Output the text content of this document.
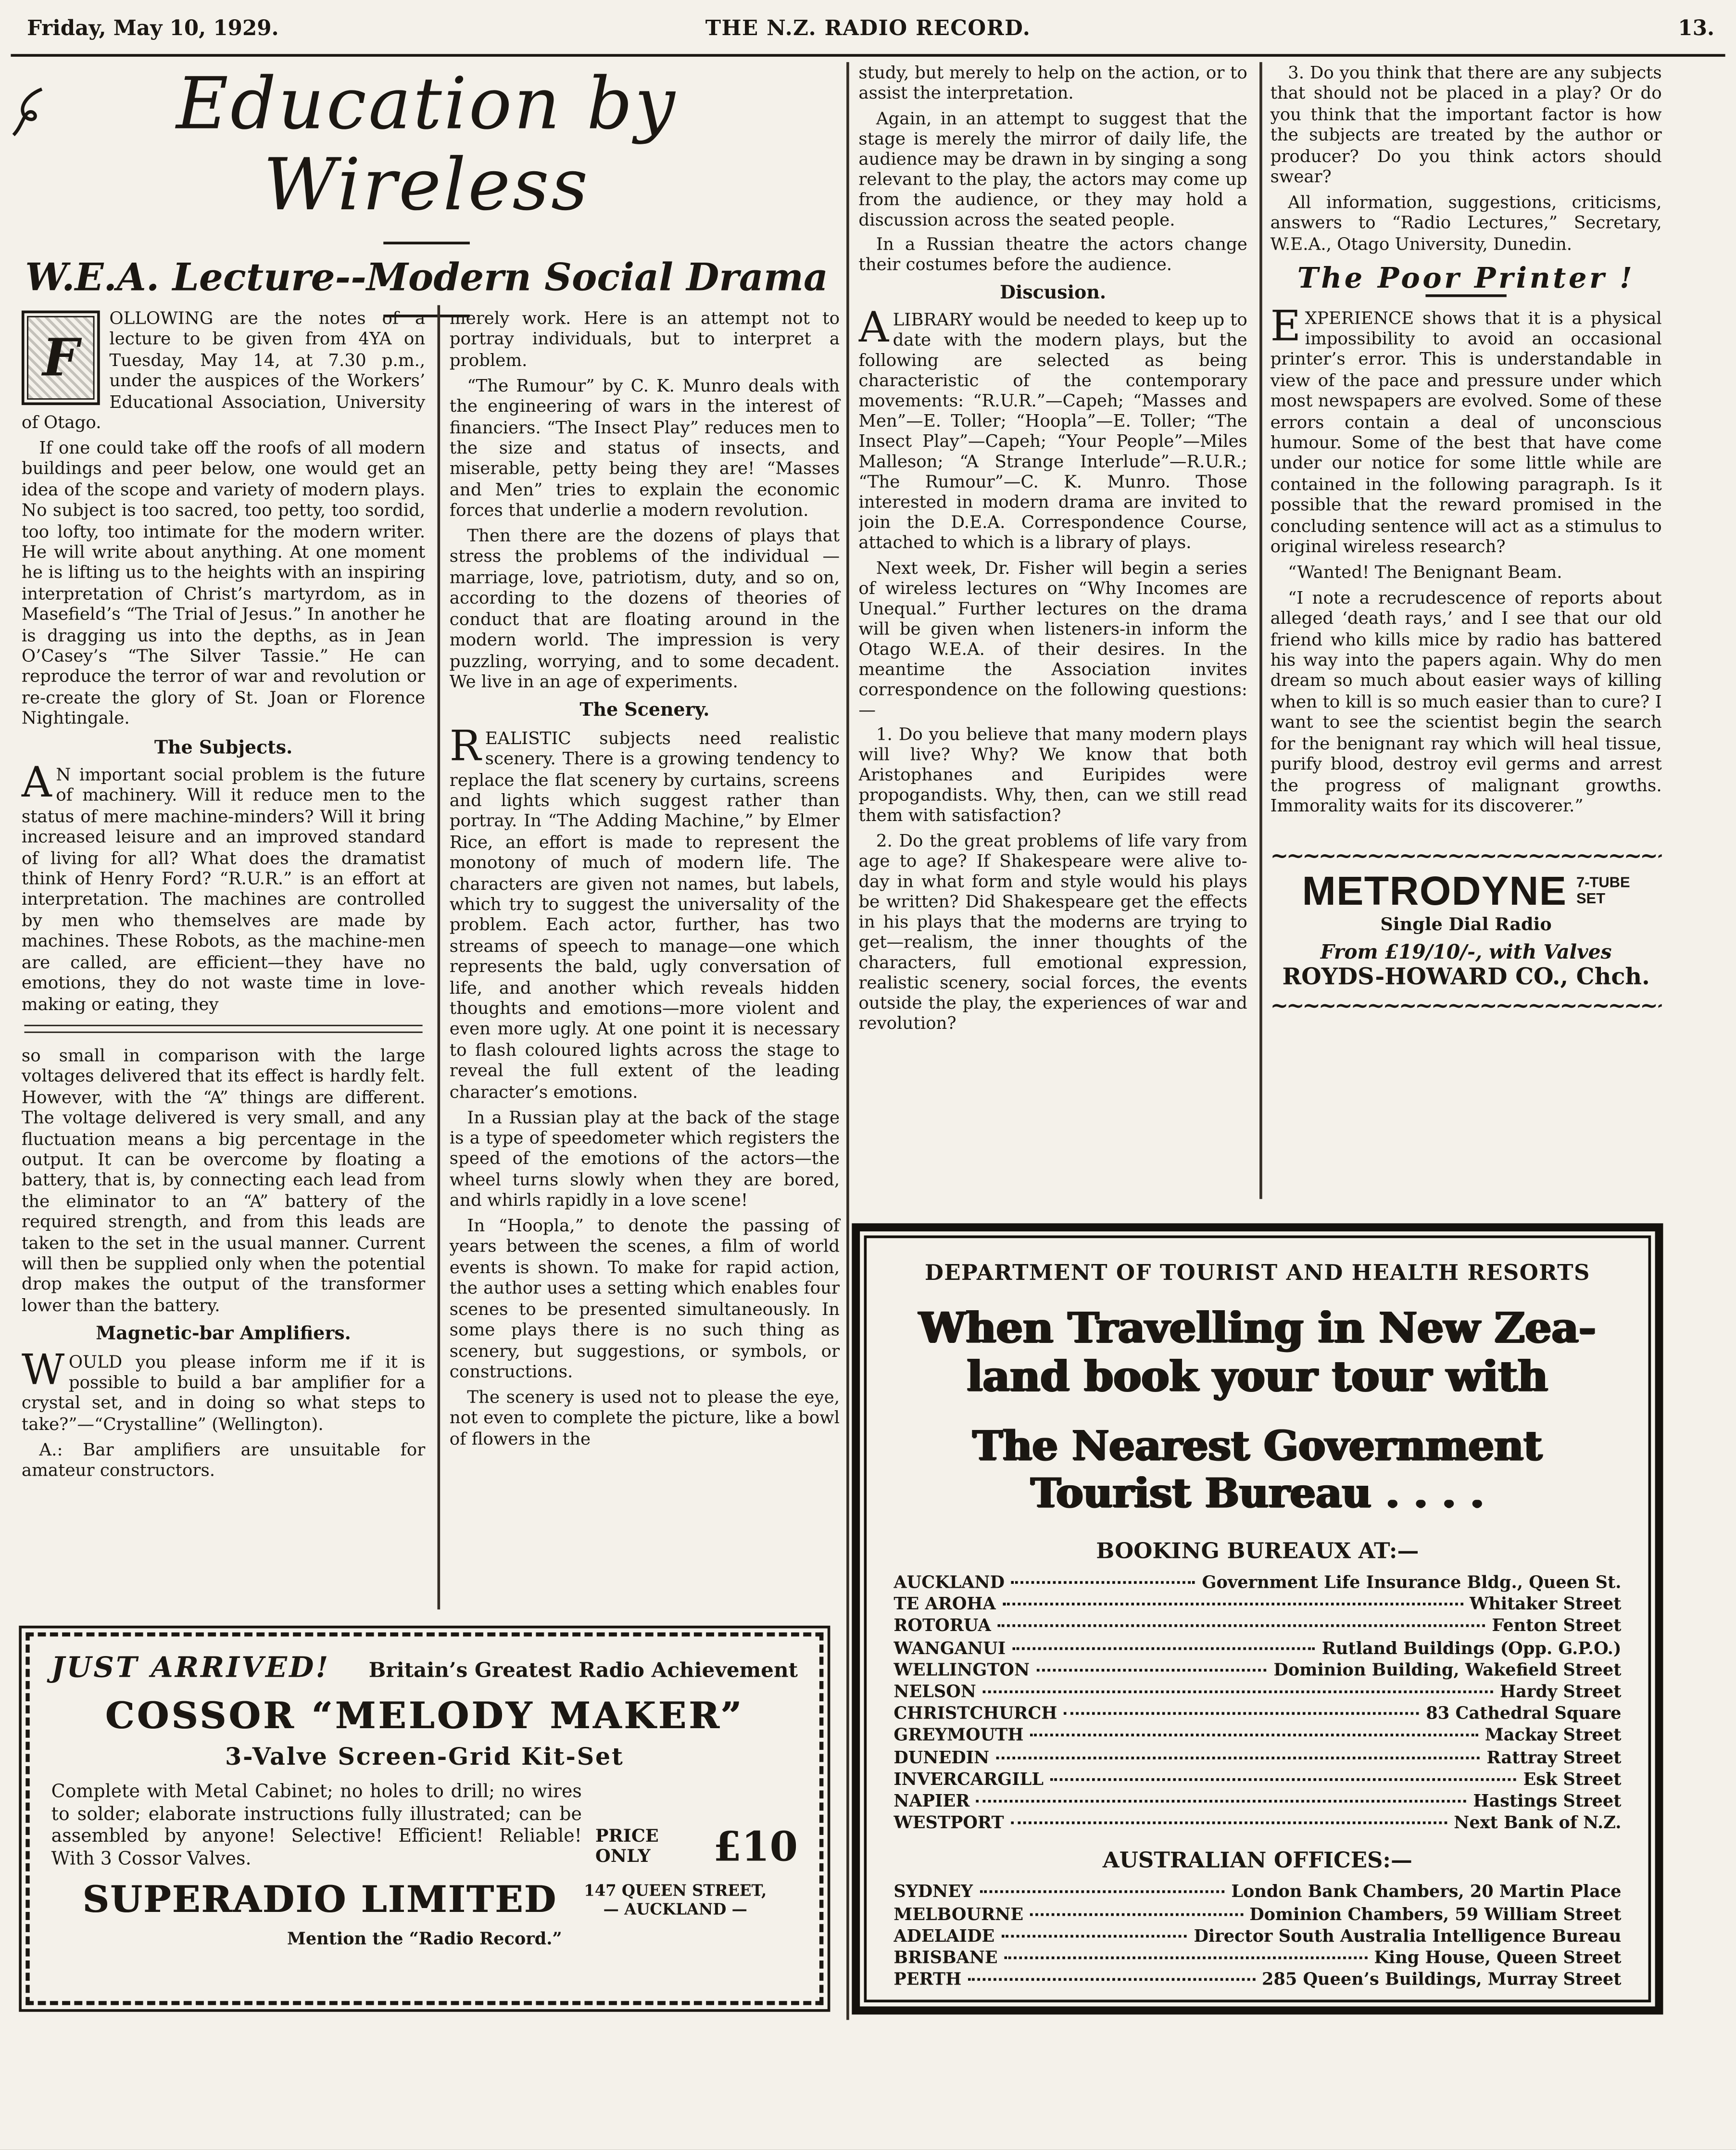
Friday, May 10, 1929.	THE N.Z. RADIO RECORD.	13.
Education by Wireless
W.E.A. Lecture--Modern Social Drama

F
OLLOWING are the notes of a lecture to be given from 4YA on Tuesday, May 14, at 7.30 p.m., under the auspices of the Workers’ Educational Association, University of Otago.

If one could take off the roofs of all modern buildings and peer below, one would get an idea of the scope and variety of modern plays. No subject is too sacred, too petty, too sordid, too lofty, too intimate for the modern writer. He will write about anything. At one moment he is lifting us to the heights with an inspiring interpretation of Christ’s martyrdom, as in Masefield’s “The Trial of Jesus.” In another he is dragging us into the depths, as in Jean O’Casey’s “The Silver Tassie.” He can reproduce the terror of war and revolution or re-create the glory of St. Joan or Florence Nightingale.

The Subjects.

A N important social problem is the future of machinery. Will it reduce men to the status of mere machine-minders? Will it bring increased leisure and an improved standard of living for all? What does the dramatist think of Henry Ford? “R.U.R.” is an effort at interpretation. The machines are controlled by men who themselves are made by machines. These Robots, as the machine-men are called, are efficient—they have no emotions, they do not waste time in love-making or eating, they

so small in comparison with the large voltages delivered that its effect is hardly felt. However, with the “A” things are different. The voltage delivered is very small, and any fluctuation means a big percentage in the output. It can be overcome by floating a battery, that is, by connecting each lead from the eliminator to an “A” battery of the required strength, and from this leads are taken to the set in the usual manner. Current will then be supplied only when the potential drop makes the output of the transformer lower than the battery.

Magnetic-bar Amplifiers.

W OULD you please inform me if it is possible to build a bar amplifier for a crystal set, and in doing so what steps to take?”—“Crystalline” (Wellington).

A.: Bar amplifiers are unsuitable for amateur constructors.

merely work. Here is an attempt not to portray individuals, but to interpret a problem.

“The Rumour” by C. K. Munro deals with the engineering of wars in the interest of financiers. “The Insect Play” reduces men to the size and status of insects, and miserable, petty being they are! “Masses and Men” tries to explain the economic forces that underlie a modern revolution.

Then there are the dozens of plays that stress the problems of the individual — marriage, love, patriotism, duty, and so on, according to the dozens of theories of conduct that are floating around in the modern world. The impression is very puzzling, worrying, and to some decadent. We live in an age of experiments.

The Scenery.

R EALISTIC subjects need realistic scenery. There is a growing tendency to replace the flat scenery by curtains, screens and lights which suggest rather than portray. In “The Adding Machine,” by Elmer Rice, an effort is made to represent the monotony of much of modern life. The characters are given not names, but labels, which try to suggest the universality of the problem. Each actor, further, has two streams of speech to manage—one which represents the bald, ugly conversation of life, and another which reveals hidden thoughts and emotions—more violent and even more ugly. At one point it is necessary to flash coloured lights across the stage to reveal the full extent of the leading character’s emotions.

In a Russian play at the back of the stage is a type of speedometer which registers the speed of the emotions of the actors—the wheel turns slowly when they are bored, and whirls rapidly in a love scene!

In “Hoopla,” to denote the passing of years between the scenes, a film of world events is shown. To make for rapid action, the author uses a setting which enables four scenes to be presented simultaneously. In some plays there is no such thing as scenery, but suggestions, or symbols, or constructions.

The scenery is used not to please the eye, not even to complete the picture, like a bowl of flowers in the

study, but merely to help on the action, or to assist the interpretation.

Again, in an attempt to suggest that the stage is merely the mirror of daily life, the audience may be drawn in by singing a song relevant to the play, the actors may come up from the audience, or they may hold a discussion across the seated people.

In a Russian theatre the actors change their costumes before the audience.

Discusion.

A LIBRARY would be needed to keep up to date with the modern plays, but the following are selected as being characteristic of the contemporary movements: “R.U.R.”—Capeh; “Masses and Men”—E. Toller; “Hoopla”—E. Toller; “The Insect Play”—Capeh; “Your People”—Miles Malleson; “A Strange Interlude”—R.U.R.; “The Rumour”—C. K. Munro. Those interested in modern drama are invited to join the D.E.A. Correspondence Course, attached to which is a library of plays.

Next week, Dr. Fisher will begin a series of wireless lectures on “Why Incomes are Unequal.” Further lectures on the drama will be given when listeners-in inform the Otago W.E.A. of their desires. In the meantime the Association invites correspondence on the following questions:—

1. Do you believe that many modern plays will live? Why? We know that both Aristophanes and Euripides were propogandists. Why, then, can we still read them with satisfaction?

2. Do the great problems of life vary from age to age? If Shakespeare were alive to-day in what form and style would his plays be written? Did Shakespeare get the effects in his plays that the moderns are trying to get—realism, the inner thoughts of the characters, full emotional expression, realistic scenery, social forces, the events outside the play, the experiences of war and revolution?

3. Do you think that there are any subjects that should not be placed in a play? Or do you think that the important factor is how the subjects are treated by the author or producer? Do you think actors should swear?

All information, suggestions, criticisms, answers to “Radio Lectures,” Secretary, W.E.A., Otago University, Dunedin.

The Poor Printer !

E XPERIENCE shows that it is a physical impossibility to avoid an occasional printer’s error. This is understandable in view of the pace and pressure under which most newspapers are evolved. Some of these errors contain a deal of unconscious humour. Some of the best that have come under our notice for some little while are contained in the following paragraph. Is it possible that the reward promised in the concluding sentence will act as a stimulus to original wireless research?

“Wanted! The Benignant Beam.

“I note a recrudescence of reports about alleged ‘death rays,’ and I see that our old friend who kills mice by radio has battered his way into the papers again. Why do men dream so much about easier ways of killing when to kill is so much easier than to cure? I want to see the scientist begin the search for the benignant ray which will heal tissue, purify blood, destroy evil germs and arrest the progress of malignant growths. Immorality waits for its discoverer.”

~~~~~
METRODYNE 7-TUBE
SET
Single Dial Radio
From £19/10/-, with Valves
ROYDS-HOWARD CO., Chch.
~~~~~
JUST ARRIVED!	Britain’s Greatest Radio Achievement
COSSOR “MELODY MAKER”
3-Valve Screen-Grid Kit-Set
Complete with Metal Cabinet; no holes to drill; no wires to solder; elaborate instructions fully illustrated; can be assembled by anyone! Selective! Efficient! Reliable! With 3 Cossor Valves.
PRICE ONLY	£10
SUPERADIO LIMITED	147 QUEEN STREET,
— AUCKLAND —
Mention the “Radio Record.”
DEPARTMENT OF TOURIST AND HEALTH RESORTS
When Travelling in New Zea-
land book your tour with
The Nearest Government
Tourist Bureau . . . .
BOOKING BUREAUX AT:—
AUCKLAND	Government Life Insurance Bldg., Queen St.
TE AROHA	Whitaker Street
ROTORUA	Fenton Street
WANGANUI	Rutland Buildings (Opp. G.P.O.)
WELLINGTON	Dominion Building, Wakefield Street
NELSON	Hardy Street
CHRISTCHURCH	83 Cathedral Square
GREYMOUTH	Mackay Street
DUNEDIN	Rattray Street
INVERCARGILL	Esk Street
NAPIER	Hastings Street
WESTPORT	Next Bank of N.Z.
AUSTRALIAN OFFICES:—
SYDNEY	London Bank Chambers, 20 Martin Place
MELBOURNE	Dominion Chambers, 59 William Street
ADELAIDE	Director South Australia Intelligence Bureau
BRISBANE	King House, Queen Street
PERTH	285 Queen’s Buildings, Murray Street
